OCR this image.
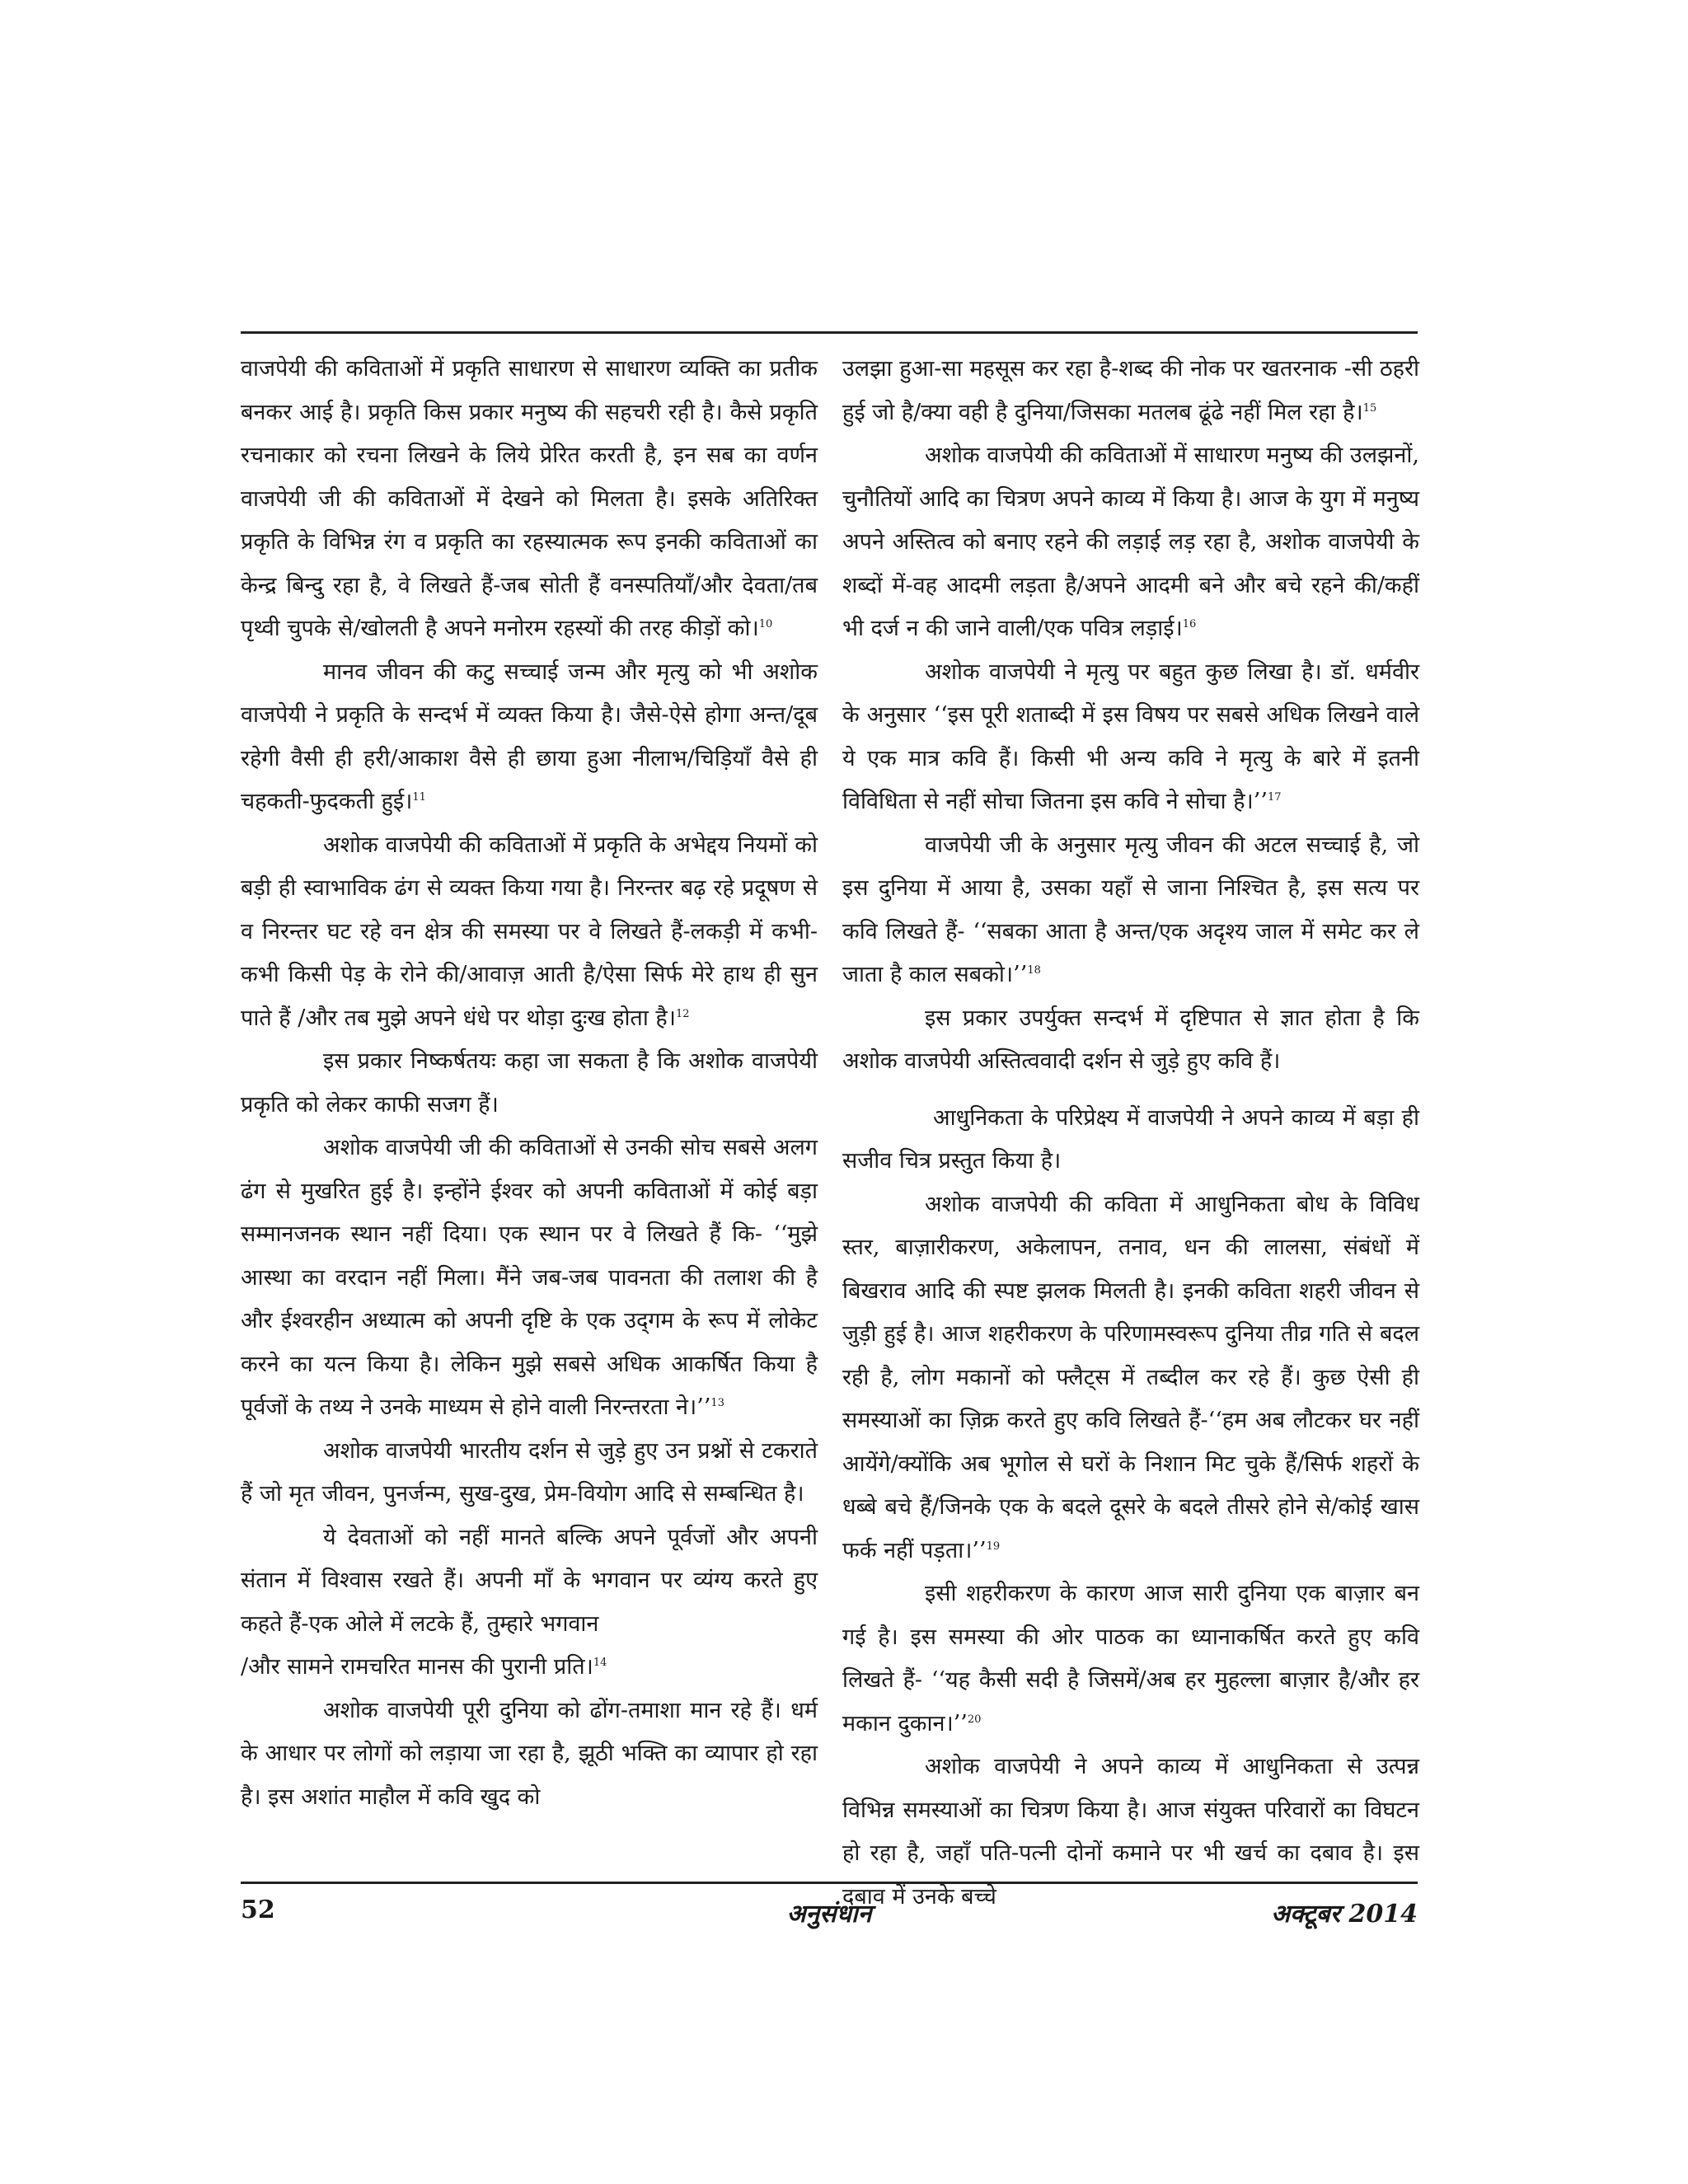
वाजपेयी की कविताओं में प्रकृति साधारण से साधारण व्यक्ति का प्रतीक बनकर आई है। प्रकृति किस प्रकार मनुष्य की सहचरी रही है। कैसे प्रकृति रचनाकार को रचना लिखने के लिये प्रेरित करती है, इन सब का वर्णन वाजपेयी जी की कविताओं में देखने को मिलता है। इसके अतिरिक्त प्रकृति के विभिन्न रंग व प्रकृति का रहस्यात्मक रूप इनकी कविताओं का केन्द्र बिन्दु रहा है, वे लिखते हैं-जब सोती हैं वनस्पतियाँ/और देवता/तब पृथ्वी चुपके से/खोलती है अपने मनोरम रहस्यों की तरह कीड़ों को।$^{10}$

मानव जीवन की कटु सच्चाई जन्म और मृत्यु को भी अशोक वाजपेयी ने प्रकृति के सन्दर्भ में व्यक्त किया है। जैसे-ऐसे होगा अन्त/दूब रहेगी वैसी ही हरी/आकाश वैसे ही छाया हुआ नीलाभ/चिड़ियाँ वैसे ही चहकती-फुदकती हुई।$^{11}$

अशोक वाजपेयी की कविताओं में प्रकृति के अभेद्दय नियमों को बड़ी ही स्वाभाविक ढंग से व्यक्त किया गया है। निरन्तर बढ़ रहे प्रदूषण से व निरन्तर घट रहे वन क्षेत्र की समस्या पर वे लिखते हैं-लकड़ी में कभी-कभी किसी पेड़ के रोने की/आवाज़ आती है/ऐसा सिर्फ मेरे हाथ ही सुन पाते हैं /और तब मुझे अपने धंधे पर थोड़ा दुःख होता है।$^{12}$

इस प्रकार निष्कर्षतयः कहा जा सकता है कि अशोक वाजपेयी प्रकृति को लेकर काफी सजग हैं।

अशोक वाजपेयी जी की कविताओं से उनकी सोच सबसे अलग ढंग से मुखरित हुई है। इन्होंने ईश्वर को अपनी कविताओं में कोई बड़ा सम्मानजनक स्थान नहीं दिया। एक स्थान पर वे लिखते हैं कि- ‘‘मुझे आस्था का वरदान नहीं मिला। मैंने जब-जब पावनता की तलाश की है और ईश्वरहीन अध्यात्म को अपनी दृष्टि के एक उद्‌गम के रूप में लोकेट करने का यत्न किया है। लेकिन मुझे सबसे अधिक आकर्षित किया है पूर्वजों के तथ्य ने उनके माध्यम से होने वाली निरन्तरता ने।’’$^{13}$

अशोक वाजपेयी भारतीय दर्शन से जुड़े हुए उन प्रश्नों से टकराते हैं जो मृत जीवन, पुनर्जन्म, सुख-दुख, प्रेम-वियोग आदि से सम्बन्धित है।

ये देवताओं को नहीं मानते बल्कि अपने पूर्वजों और अपनी संतान में विश्वास रखते हैं। अपनी माँ के भगवान पर व्यंग्य करते हुए कहते हैं-एक ओले में लटके हैं, तुम्हारे भगवान

/और सामने रामचरित मानस की पुरानी प्रति।$^{14}$

अशोक वाजपेयी पूरी दुनिया को ढोंग-तमाशा मान रहे हैं। धर्म के आधार पर लोगों को लड़ाया जा रहा है, झूठी भक्ति का व्यापार हो रहा है। इस अशांत माहौल में कवि खुद को

उलझा हुआ-सा महसूस कर रहा है-शब्द की नोक पर खतरनाक -सी ठहरी हुई जो है/क्या वही है दुनिया/जिसका मतलब ढूंढे नहीं मिल रहा है।$^{15}$

अशोक वाजपेयी की कविताओं में साधारण मनुष्य की उलझनों, चुनौतियों आदि का चित्रण अपने काव्य में किया है। आज के युग में मनुष्य अपने अस्तित्व को बनाए रहने की लड़ाई लड़ रहा है, अशोक वाजपेयी के शब्दों में-वह आदमी लड़ता है/अपने आदमी बने और बचे रहने की/कहीं भी दर्ज न की जाने वाली/एक पवित्र लड़ाई।$^{16}$

अशोक वाजपेयी ने मृत्यु पर बहुत कुछ लिखा है। डॉ. धर्मवीर के अनुसार ‘‘इस पूरी शताब्दी में इस विषय पर सबसे अधिक लिखने वाले ये एक मात्र कवि हैं। किसी भी अन्य कवि ने मृत्यु के बारे में इतनी विविधिता से नहीं सोचा जितना इस कवि ने सोचा है।’’$^{17}$

वाजपेयी जी के अनुसार मृत्यु जीवन की अटल सच्चाई है, जो इस दुनिया में आया है, उसका यहाँ से जाना निश्चित है, इस सत्य पर कवि लिखते हैं- ‘‘सबका आता है अन्त/एक अदृश्य जाल में समेट कर ले जाता है काल सबको।’’$^{18}$

इस प्रकार उपर्युक्त सन्दर्भ में दृष्टिपात से ज्ञात होता है कि अशोक वाजपेयी अस्तित्ववादी दर्शन से जुड़े हुए कवि हैं।

आधुनिकता के परिप्रेक्ष्य में वाजपेयी ने अपने काव्य में बड़ा ही सजीव चित्र प्रस्तुत किया है।

अशोक वाजपेयी की कविता में आधुनिकता बोध के विविध स्तर, बाज़ारीकरण, अकेलापन, तनाव, धन की लालसा, संबंधों में बिखराव आदि की स्पष्ट झलक मिलती है। इनकी कविता शहरी जीवन से जुड़ी हुई है। आज शहरीकरण के परिणामस्वरूप दुनिया तीव्र गति से बदल रही है, लोग मकानों को फ्लैट्स में तब्दील कर रहे हैं। कुछ ऐसी ही समस्याओं का ज़िक्र करते हुए कवि लिखते हैं-‘‘हम अब लौटकर घर नहीं आयेंगे/क्योंकि अब भूगोल से घरों के निशान मिट चुके हैं/सिर्फ शहरों के धब्बे बचे हैं/जिनके एक के बदले दूसरे के बदले तीसरे होने से/कोई खास फर्क नहीं पड़ता।’’$^{19}$

इसी शहरीकरण के कारण आज सारी दुनिया एक बाज़ार बन गई है। इस समस्या की ओर पाठक का ध्यानाकर्षित करते हुए कवि लिखते हैं- ‘‘यह कैसी सदी है जिसमें/अब हर मुहल्ला बाज़ार है/और हर मकान दुकान।’’$^{20}$

अशोक वाजपेयी ने अपने काव्य में आधुनिकता से उत्पन्न विभिन्न समस्याओं का चित्रण किया है। आज संयुक्त परिवारों का विघटन हो रहा है, जहाँ पति-पत्नी दोनों कमाने पर भी खर्च का दबाव है। इस दबाव में उनके बच्चे

52	अनुसंधान	अक्टूबर 2014
